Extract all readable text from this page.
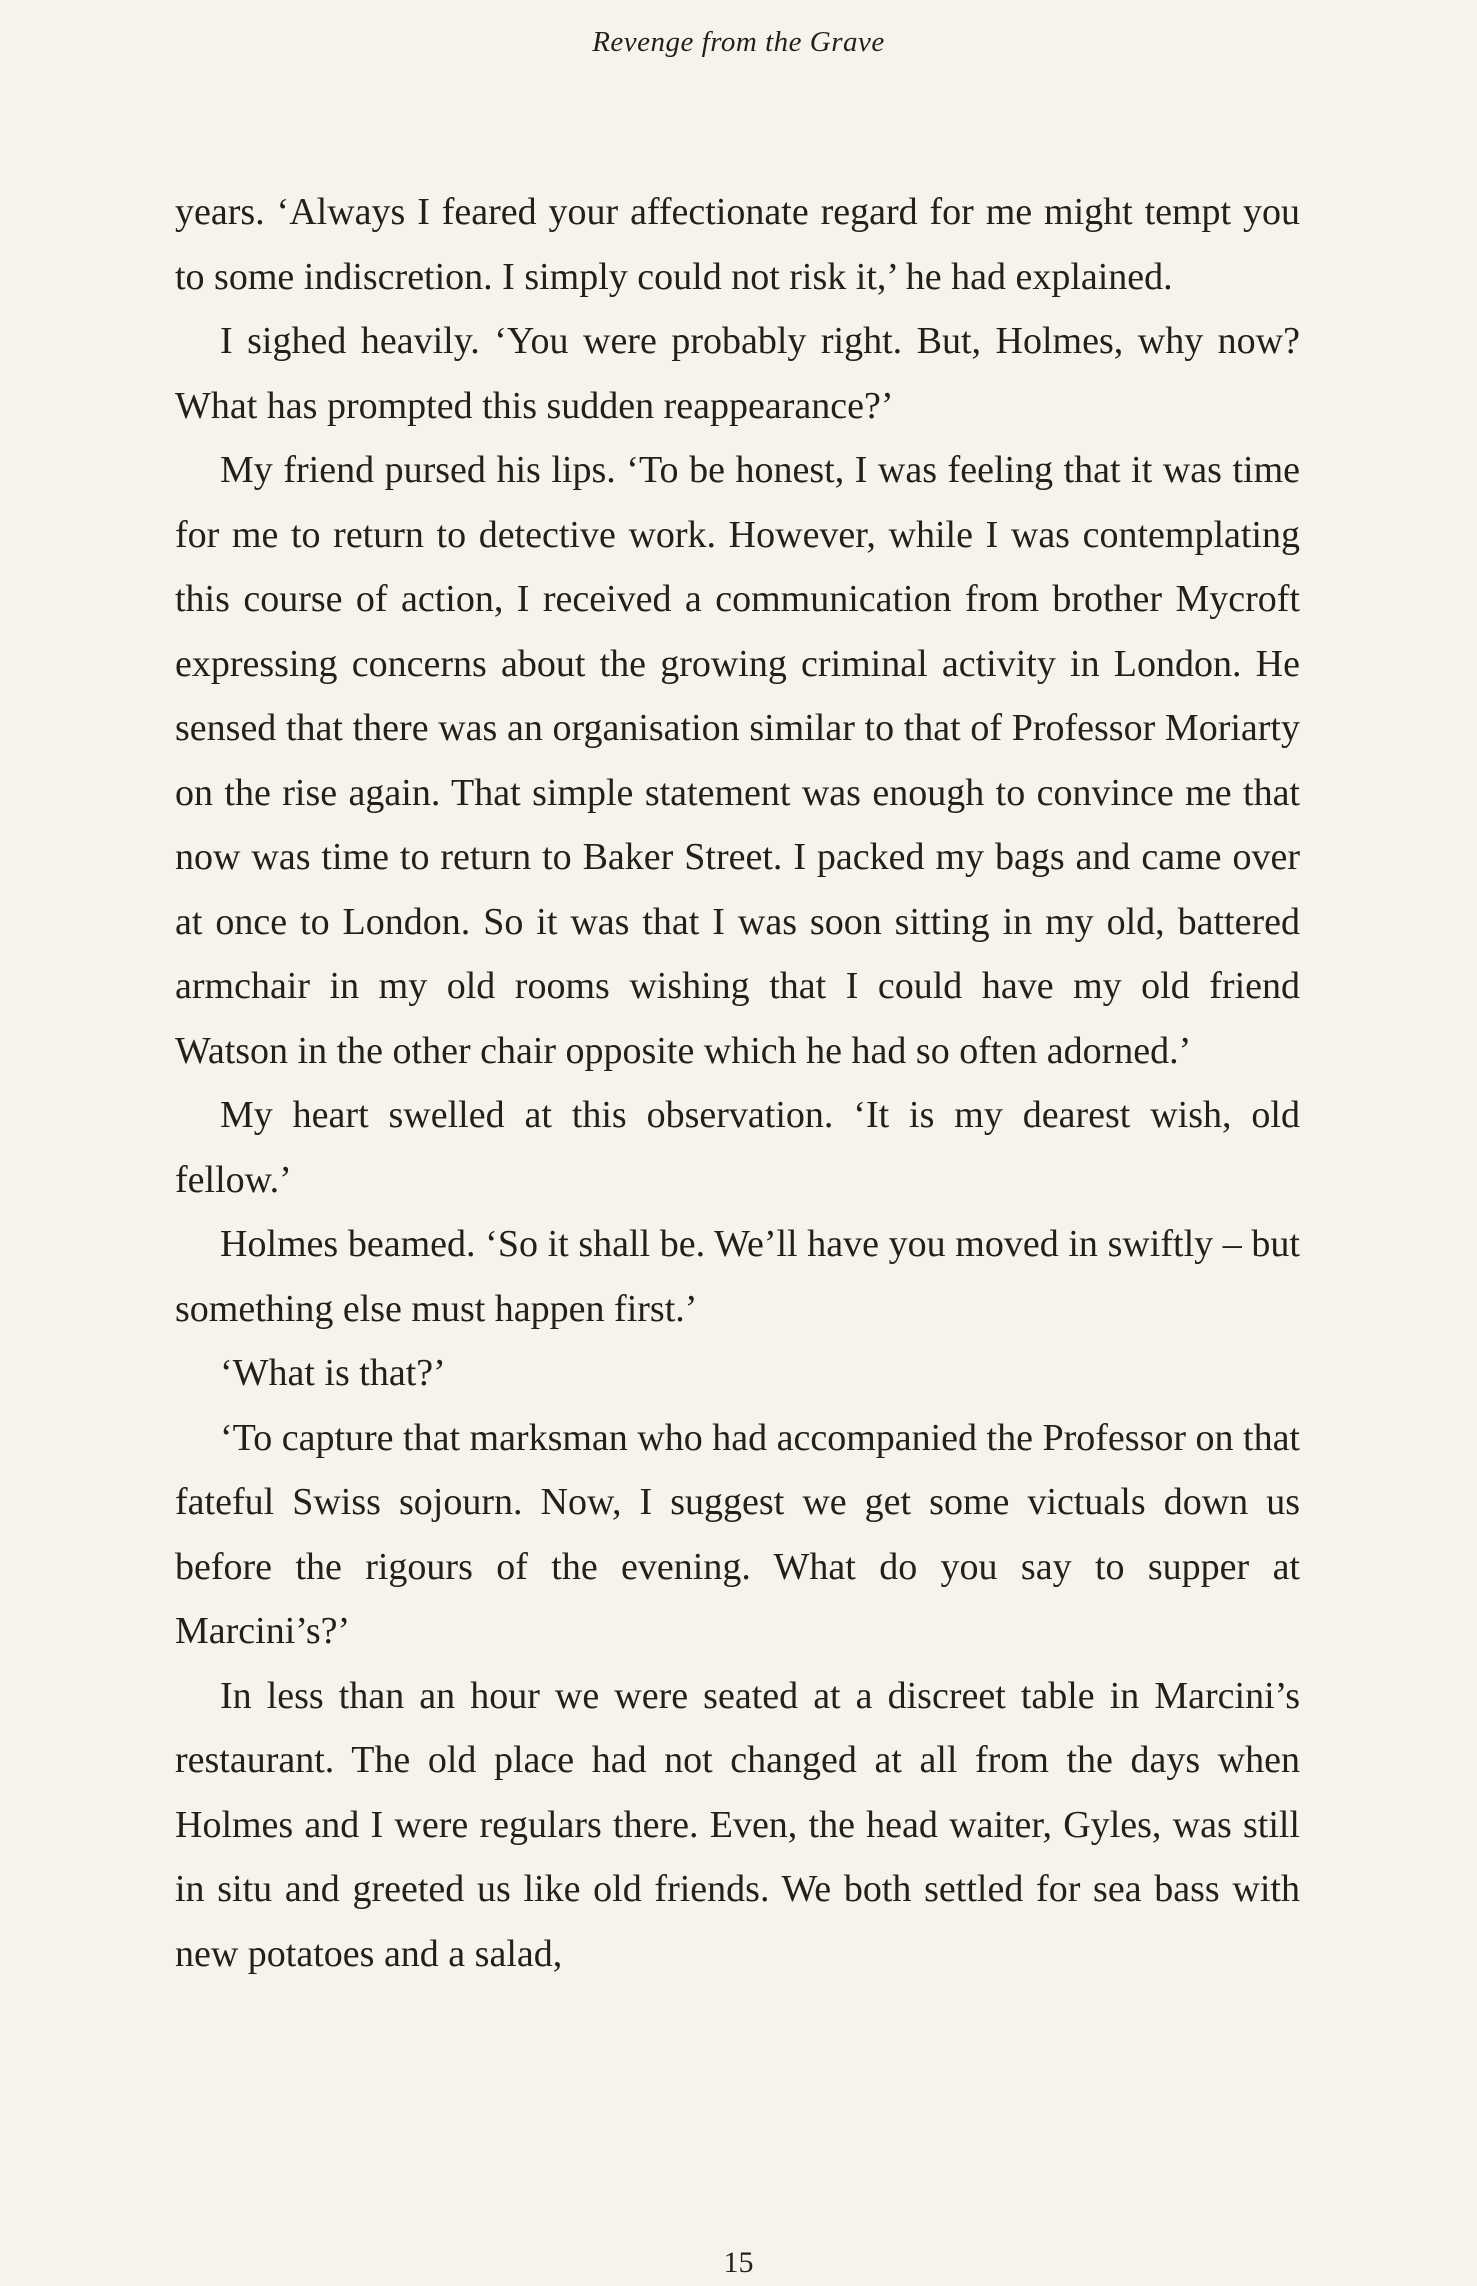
Revenge from the Grave

years. ‘Always I feared your affectionate regard for me might tempt you to some indiscretion. I simply could not risk it,’ he had explained.

I sighed heavily. ‘You were probably right. But, Holmes, why now? What has prompted this sudden reappearance?’

My friend pursed his lips. ‘To be honest, I was feeling that it was time for me to return to detective work. However, while I was contemplating this course of action, I received a communication from brother Mycroft expressing concerns about the growing criminal activity in London. He sensed that there was an organisation similar to that of Professor Moriarty on the rise again. That simple statement was enough to convince me that now was time to return to Baker Street. I packed my bags and came over at once to London. So it was that I was soon sitting in my old, battered armchair in my old rooms wishing that I could have my old friend Watson in the other chair opposite which he had so often adorned.’

My heart swelled at this observation. ‘It is my dearest wish, old fellow.’

Holmes beamed. ‘So it shall be. We’ll have you moved in swiftly – but something else must happen first.’

‘What is that?’

‘To capture that marksman who had accompanied the Professor on that fateful Swiss sojourn. Now, I suggest we get some victuals down us before the rigours of the evening. What do you say to supper at Marcini’s?’

In less than an hour we were seated at a discreet table in Marcini’s restaurant. The old place had not changed at all from the days when Holmes and I were regulars there. Even, the head waiter, Gyles, was still in situ and greeted us like old friends. We both settled for sea bass with new potatoes and a salad,

15
